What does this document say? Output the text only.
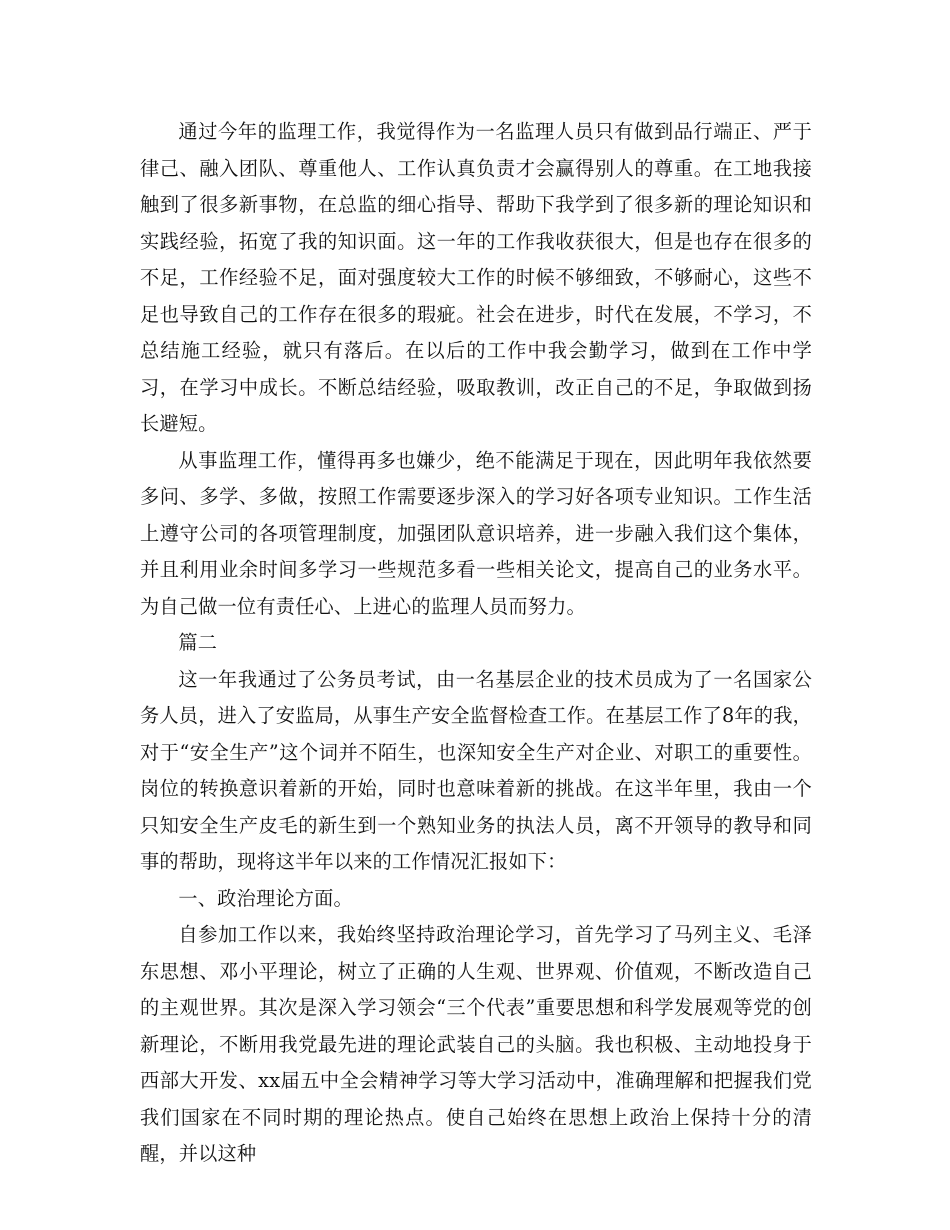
通过今年的监理工作，我觉得作为一名监理人员只有做到品行端正、严于律己、融入团队、尊重他人、工作认真负责才会赢得别人的尊重。在工地我接触到了很多新事物，在总监的细心指导、帮助下我学到了很多新的理论知识和实践经验，拓宽了我的知识面。这一年的工作我收获很大，但是也存在很多的不足，工作经验不足，面对强度较大工作的时候不够细致，不够耐心，这些不足也导致自己的工作存在很多的瑕疵。社会在进步，时代在发展，不学习，不总结施工经验，就只有落后。在以后的工作中我会勤学习，做到在工作中学习，在学习中成长。不断总结经验，吸取教训，改正自己的不足，争取做到扬长避短。

从事监理工作，懂得再多也嫌少，绝不能满足于现在，因此明年我依然要多问、多学、多做，按照工作需要逐步深入的学习好各项专业知识。工作生活上遵守公司的各项管理制度，加强团队意识培养，进一步融入我们这个集体，并且利用业余时间多学习一些规范多看一些相关论文，提高自己的业务水平。为自己做一位有责任心、上进心的监理人员而努力。

篇二

这一年我通过了公务员考试，由一名基层企业的技术员成为了一名国家公务人员，进入了安监局，从事生产安全监督检查工作。在基层工作了8年的我，对于“安全生产”这个词并不陌生，也深知安全生产对企业、对职工的重要性。岗位的转换意识着新的开始，同时也意味着新的挑战。在这半年里，我由一个只知安全生产皮毛的新生到一个熟知业务的执法人员，离不开领导的教导和同事的帮助，现将这半年以来的工作情况汇报如下：

一、政治理论方面。

自参加工作以来，我始终坚持政治理论学习，首先学习了马列主义、毛泽东思想、邓小平理论，树立了正确的人生观、世界观、价值观，不断改造自己的主观世界。其次是深入学习领会“三个代表”重要思想和科学发展观等党的创新理论，不断用我党最先进的理论武装自己的头脑。我也积极、主动地投身于西部大开发、xx届五中全会精神学习等大学习活动中，准确理解和把握我们党我们国家在不同时期的理论热点。使自己始终在思想上政治上保持十分的清醒，并以这种
